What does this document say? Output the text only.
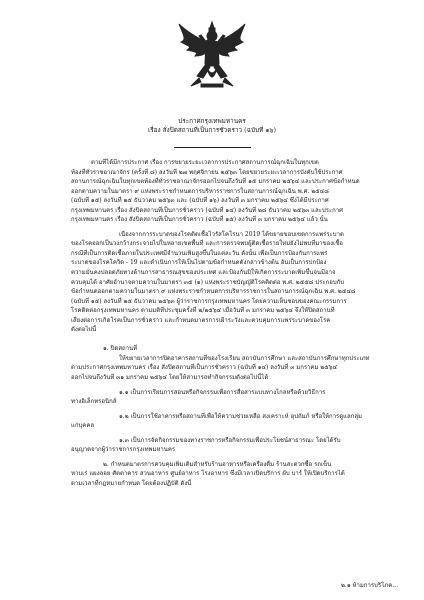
ประกาศกรุงเทพมหานคร
เรื่อง สั่งปิดสถานที่เป็นการชั่วคราว (ฉบับที่ ๑๖)
ตามที่ได้มีการประกาศ เรื่อง การขยายระยะเวลาการประกาศสถานการณ์ฉุกเฉินในทุกเขต
ท้องที่ทั่วราชอาณาจักร (ครั้งที่ ๘) ลงวันที่ ๒๗ พฤศจิกายน ๒๕๖๓ โดยขยายระยะเวลาการบังคับใช้ประกาศ
สถานการณ์ฉุกเฉินในทุกเขตท้องที่ทั่วราชอาณาจักรออกไปจนถึงวันที่ ๑๕ มกราคม ๒๕๖๔ และประกาศข้อกำหนด
ออกตามความในมาตรา ๙ แห่งพระราชกำหนดการบริหารราชการในสถานการณ์ฉุกเฉิน พ.ศ. ๒๕๔๘
(ฉบับที่ ๑๕) ลงวันที่ ๒๕ ธันวาคม ๒๕๖๓ และ (ฉบับที่ ๑๖) ลงวันที่ ๓ มกราคม ๒๕๖๔ ซึ่งได้มีประกาศ
กรุงเทพมหานคร เรื่อง สั่งปิดสถานที่เป็นการชั่วคราว (ฉบับที่ ๑๔) ลงวันที่ ๒๘ ธันวาคม ๒๕๖๓ และประกาศ
กรุงเทพมหานคร เรื่อง สั่งปิดสถานที่เป็นการชั่วคราว (ฉบับที่ ๑๕) ลงวันที่ ๓ มกราคม ๒๕๖๔ แล้ว นั้น
เนื่องจากการระบาดของโรคติดเชื้อไวรัสโคโรนา 2019 ได้ขยายขอบเขตการแพร่ระบาด
ของโรคออกเป็นวงกว้างกระจายไปในหลายเขตพื้นที่ และการตรวจพบผู้ติดเชื้อรายใหม่ยังไม่พบที่มาของเชื้อ
กรณีที่เป็นการติดเชื้อภายในประเทศมีจำนวนเพิ่มสูงขึ้นในแต่ละวัน ดังนั้น เพื่อเป็นการป้องกันการแพร่
ระบาดของโรคโควิด - 19 และดำเนินการให้เป็นไปตามข้อกำหนดดังกล่าวข้างต้น อันเป็นการปกป้อง
ความมั่นคงปลอดภัยทางด้านการสาธารณสุขของประเทศ และป้องกันมิให้เกิดการระบาดเพิ่มขึ้นจนมีอาจ
ควบคุมได้ อาศัยอำนาจตามความในมาตรา ๓๕ (๑) แห่งพระราชบัญญัติโรคติดต่อ พ.ศ. ๒๕๕๘ ประกอบกับ
ข้อกำหนดออกตามความในมาตรา ๙ แห่งพระราชกำหนดการบริหารราชการในสถานการณ์ฉุกเฉิน พ.ศ. ๒๕๔๘
(ฉบับที่ ๑๕) ลงวันที่ ๒๕ ธันวาคม ๒๕๖๓ ผู้ว่าราชการกรุงเทพมหานคร โดยความเห็นชอบของคณะกรรมการ
โรคติดต่อกรุงเทพมหานคร ตามมติที่ประชุมครั้งที่ ๒/๒๕๖๔ เมื่อวันที่ ๓ มกราคม ๒๕๖๔ จึงให้ปิดสถานที่
เสี่ยงต่อการเกิดโรคเป็นการชั่วคราว และกำหนดมาตรการเฝ้าระวังและควบคุมการแพร่ระบาดของโรค
ดังต่อไปนี้
๑. ปิดสถานที่
ให้ขยายเวลาการปิดอาคารสถานที่ของโรงเรียน สถาบันการศึกษา และสถาบันการศึกษาทุกประเภท
ตามประกาศกรุงเทพมหานคร เรื่อง สั่งปิดสถานที่เป็นการชั่วคราว (ฉบับที่ ๑๔) ลงวันที่ ๓ มกราคม ๒๕๖๔
ออกไปจนถึงวันที่ ๓๑ มกราคม ๒๕๖๔ โดยให้สามารถทำกิจกรรมดังต่อไปนี้ได้
๑.๑ เป็นการเรียนการสอนหรือกิจกรรมเพื่อการสื่อสารแบบทางไกลหรือด้วยวิธีการ
ทางอิเล็กทรอนิกส์
๑.๒ เป็นการใช้อาคารหรือสถานที่เพื่อให้ความช่วยเหลือ สงเคราะห์ อุปถัมภ์ หรือให้การดูแลกลุ่ม
แก่บุคคล
๑.๓ เป็นการจัดกิจกรรมของทางราชการหรือกิจกรรมเพื่อประโยชน์สาธารณะ โดยได้รับ
อนุญาตจากผู้ว่าราชการกรุงเทพมหานคร
๒. กำหนดมาตรการควบคุมเพิ่มเติมสำหรับร้านอาหารหรือเครื่องดื่ม ร้านสะดวกซื้อ รถเข็น
หาบเร่ แผงลอย ศัตตาคาร สวนอาหาร ศูนย์อาหาร โรงอาหาร ซึ่งมีเวลาเปิดบริการ ผับ บาร์ ให้เปิดบริการได้
ตามเวลาที่กฎหมายกำหนด โดยต้องปฏิบัติ ดังนี้
๒.๑ ห้ามการบริโภค...
